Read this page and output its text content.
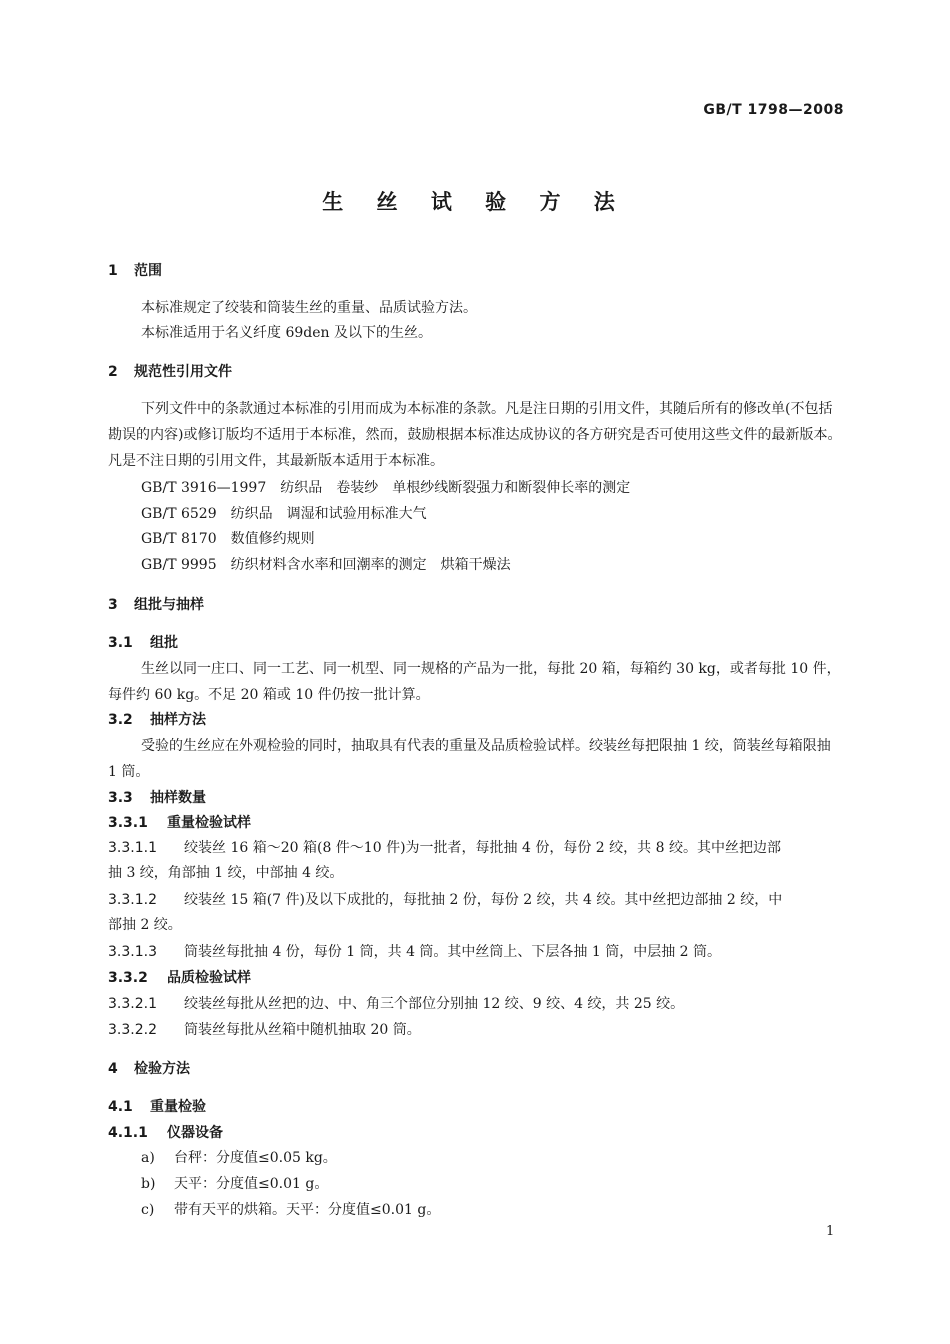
GB/T 1798—2008
生 丝 试 验 方 法
1 范围
本标准规定了绞装和筒装生丝的重量、品质试验方法。
本标准适用于名义纤度 69den 及以下的生丝。
2 规范性引用文件
下列文件中的条款通过本标准的引用而成为本标准的条款。凡是注日期的引用文件，其随后所有的修改单(不包括勘误的内容)或修订版均不适用于本标准，然而，鼓励根据本标准达成协议的各方研究是否可使用这些文件的最新版本。凡是不注日期的引用文件，其最新版本适用于本标准。
GB/T 3916—1997　纺织品　卷装纱　单根纱线断裂强力和断裂伸长率的测定
GB/T 6529　纺织品　调湿和试验用标准大气
GB/T 8170　数值修约规则
GB/T 9995　纺织材料含水率和回潮率的测定　烘箱干燥法
3 组批与抽样
3.1 组批
生丝以同一庄口、同一工艺、同一机型、同一规格的产品为一批，每批 20 箱，每箱约 30 kg，或者每批 10 件，每件约 60 kg。不足 20 箱或 10 件仍按一批计算。
3.2 抽样方法
受验的生丝应在外观检验的同时，抽取具有代表的重量及品质检验试样。绞装丝每把限抽 1 绞，筒装丝每箱限抽 1 筒。
3.3 抽样数量
3.3.1 重量检验试样
3.3.1.1 绞装丝 16 箱～20 箱(8 件～10 件)为一批者，每批抽 4 份，每份 2 绞，共 8 绞。其中丝把边部
抽 3 绞，角部抽 1 绞，中部抽 4 绞。
3.3.1.2 绞装丝 15 箱(7 件)及以下成批的，每批抽 2 份，每份 2 绞，共 4 绞。其中丝把边部抽 2 绞，中
部抽 2 绞。
3.3.1.3 筒装丝每批抽 4 份，每份 1 筒，共 4 筒。其中丝筒上、下层各抽 1 筒，中层抽 2 筒。
3.3.2 品质检验试样
3.3.2.1 绞装丝每批从丝把的边、中、角三个部位分别抽 12 绞、9 绞、4 绞，共 25 绞。
3.3.2.2 筒装丝每批从丝箱中随机抽取 20 筒。
4 检验方法
4.1 重量检验
4.1.1 仪器设备
a) 台秤：分度值≤0.05 kg。
b) 天平：分度值≤0.01 g。
c) 带有天平的烘箱。天平：分度值≤0.01 g。
1
